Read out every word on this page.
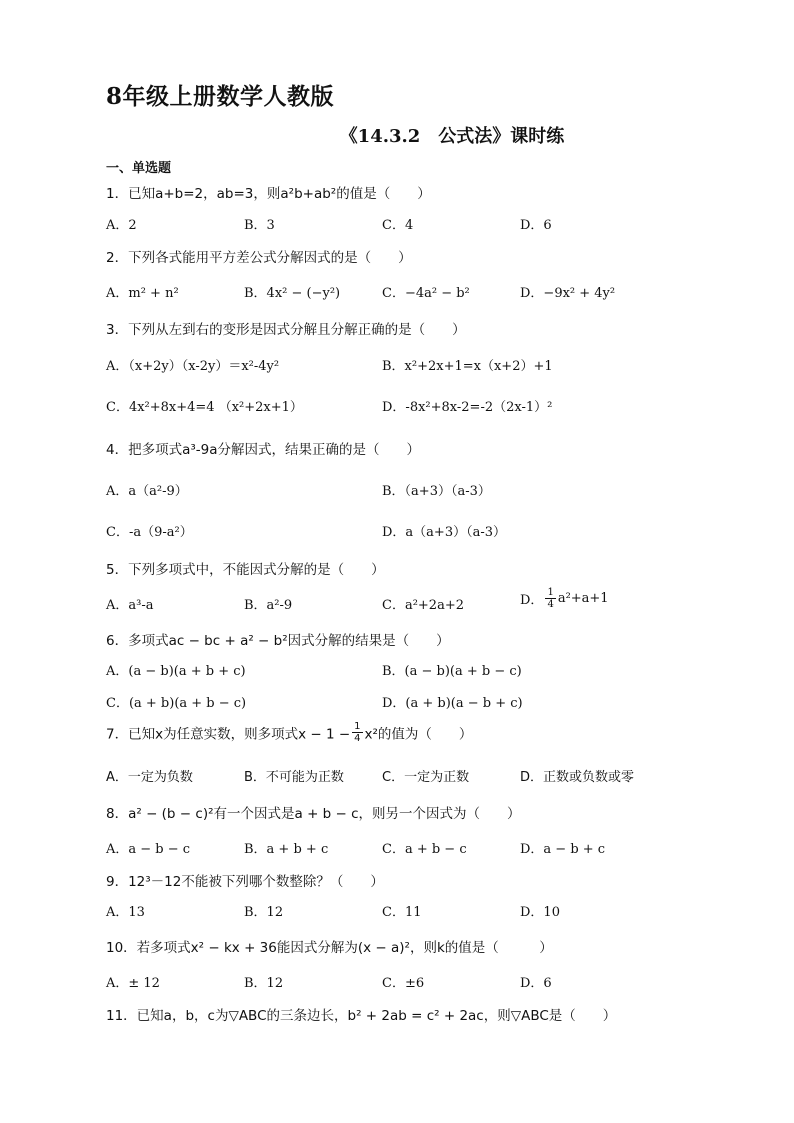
8年级上册数学人教版
《14.3.2　公式法》课时练
一、单选题
1．已知a+b=2，ab=3，则a²b+ab²的值是（　　）
A．2	B．3	C．4	D．6
2．下列各式能用平方差公式分解因式的是（　　）
A．m² + n²	B．4x² − (−y²)	C．−4a² − b²	D．−9x² + 4y²
3．下列从左到右的变形是因式分解且分解正确的是（　　）
A．（x+2y）（x-2y）＝x²-4y²	B．x²+2x+1=x（x+2）+1
C．4x²+8x+4=4 （x²+2x+1）	D．-8x²+8x-2=-2（2x-1）²
4．把多项式a³-9a分解因式，结果正确的是（　　）
A．a（a²-9）	B．（a+3）（a-3）
C．-a（9-a²）	D．a（a+3）（a-3）
5．下列多项式中，不能因式分解的是（　　）
A．a³-a	B．a²-9	C．a²+2a+2	D． $\frac{1}{4} a^2+a+1$
6．多项式ac − bc + a² − b²因式分解的结果是（　　）
A．(a − b)(a + b + c)	B．(a − b)(a + b − c)
C．(a + b)(a + b − c)	D．(a + b)(a − b + c)
7．已知x为任意实数，则多项式$x - 1 - \frac{1}{4} x^2$的值为（　　）
A．一定为负数	B．不可能为正数	C．一定为正数	D．正数或负数或零
8．a² − (b − c)²有一个因式是a + b − c，则另一个因式为（　　）
A．a − b − c	B．a + b + c	C．a + b − c	D．a − b + c
9．12³－12不能被下列哪个数整除？（　　）
A．13	B．12	C．11	D．10
10．若多项式x² − kx + 36能因式分解为(x − a)²，则k的值是（　　　）
A．± 12	B．12	C．±6	D．6
11．已知a，b，c为▽ABC的三条边长，b² + 2ab = c² + 2ac，则▽ABC是（　　）
